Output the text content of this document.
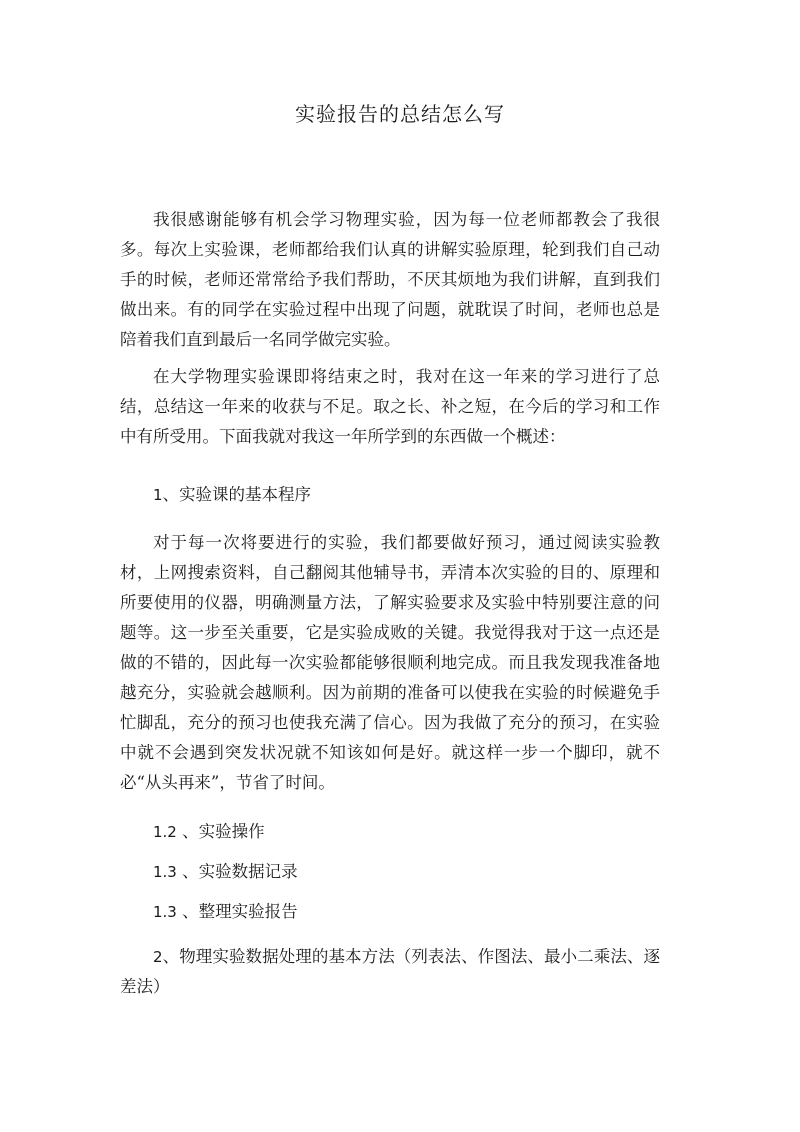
实验报告的总结怎么写

我很感谢能够有机会学习物理实验，因为每一位老师都教会了我很多。每次上实验课，老师都给我们认真的讲解实验原理，轮到我们自己动手的时候，老师还常常给予我们帮助，不厌其烦地为我们讲解，直到我们做出来。有的同学在实验过程中出现了问题，就耽误了时间，老师也总是陪着我们直到最后一名同学做完实验。

在大学物理实验课即将结束之时，我对在这一年来的学习进行了总结，总结这一年来的收获与不足。取之长、补之短，在今后的学习和工作中有所受用。下面我就对我这一年所学到的东西做一个概述：

1、实验课的基本程序

对于每一次将要进行的实验，我们都要做好预习，通过阅读实验教材，上网搜索资料，自己翻阅其他辅导书，弄清本次实验的目的、原理和所要使用的仪器，明确测量方法，了解实验要求及实验中特别要注意的问题等。这一步至关重要，它是实验成败的关键。我觉得我对于这一点还是做的不错的，因此每一次实验都能够很顺利地完成。而且我发现我准备地越充分，实验就会越顺利。因为前期的准备可以使我在实验的时候避免手忙脚乱，充分的预习也使我充满了信心。因为我做了充分的预习，在实验中就不会遇到突发状况就不知该如何是好。就这样一步一个脚印，就不必“从头再来”，节省了时间。

1.2 、实验操作
1.3 、实验数据记录
1.3 、整理实验报告
2、物理实验数据处理的基本方法（列表法、作图法、最小二乘法、逐差法）
